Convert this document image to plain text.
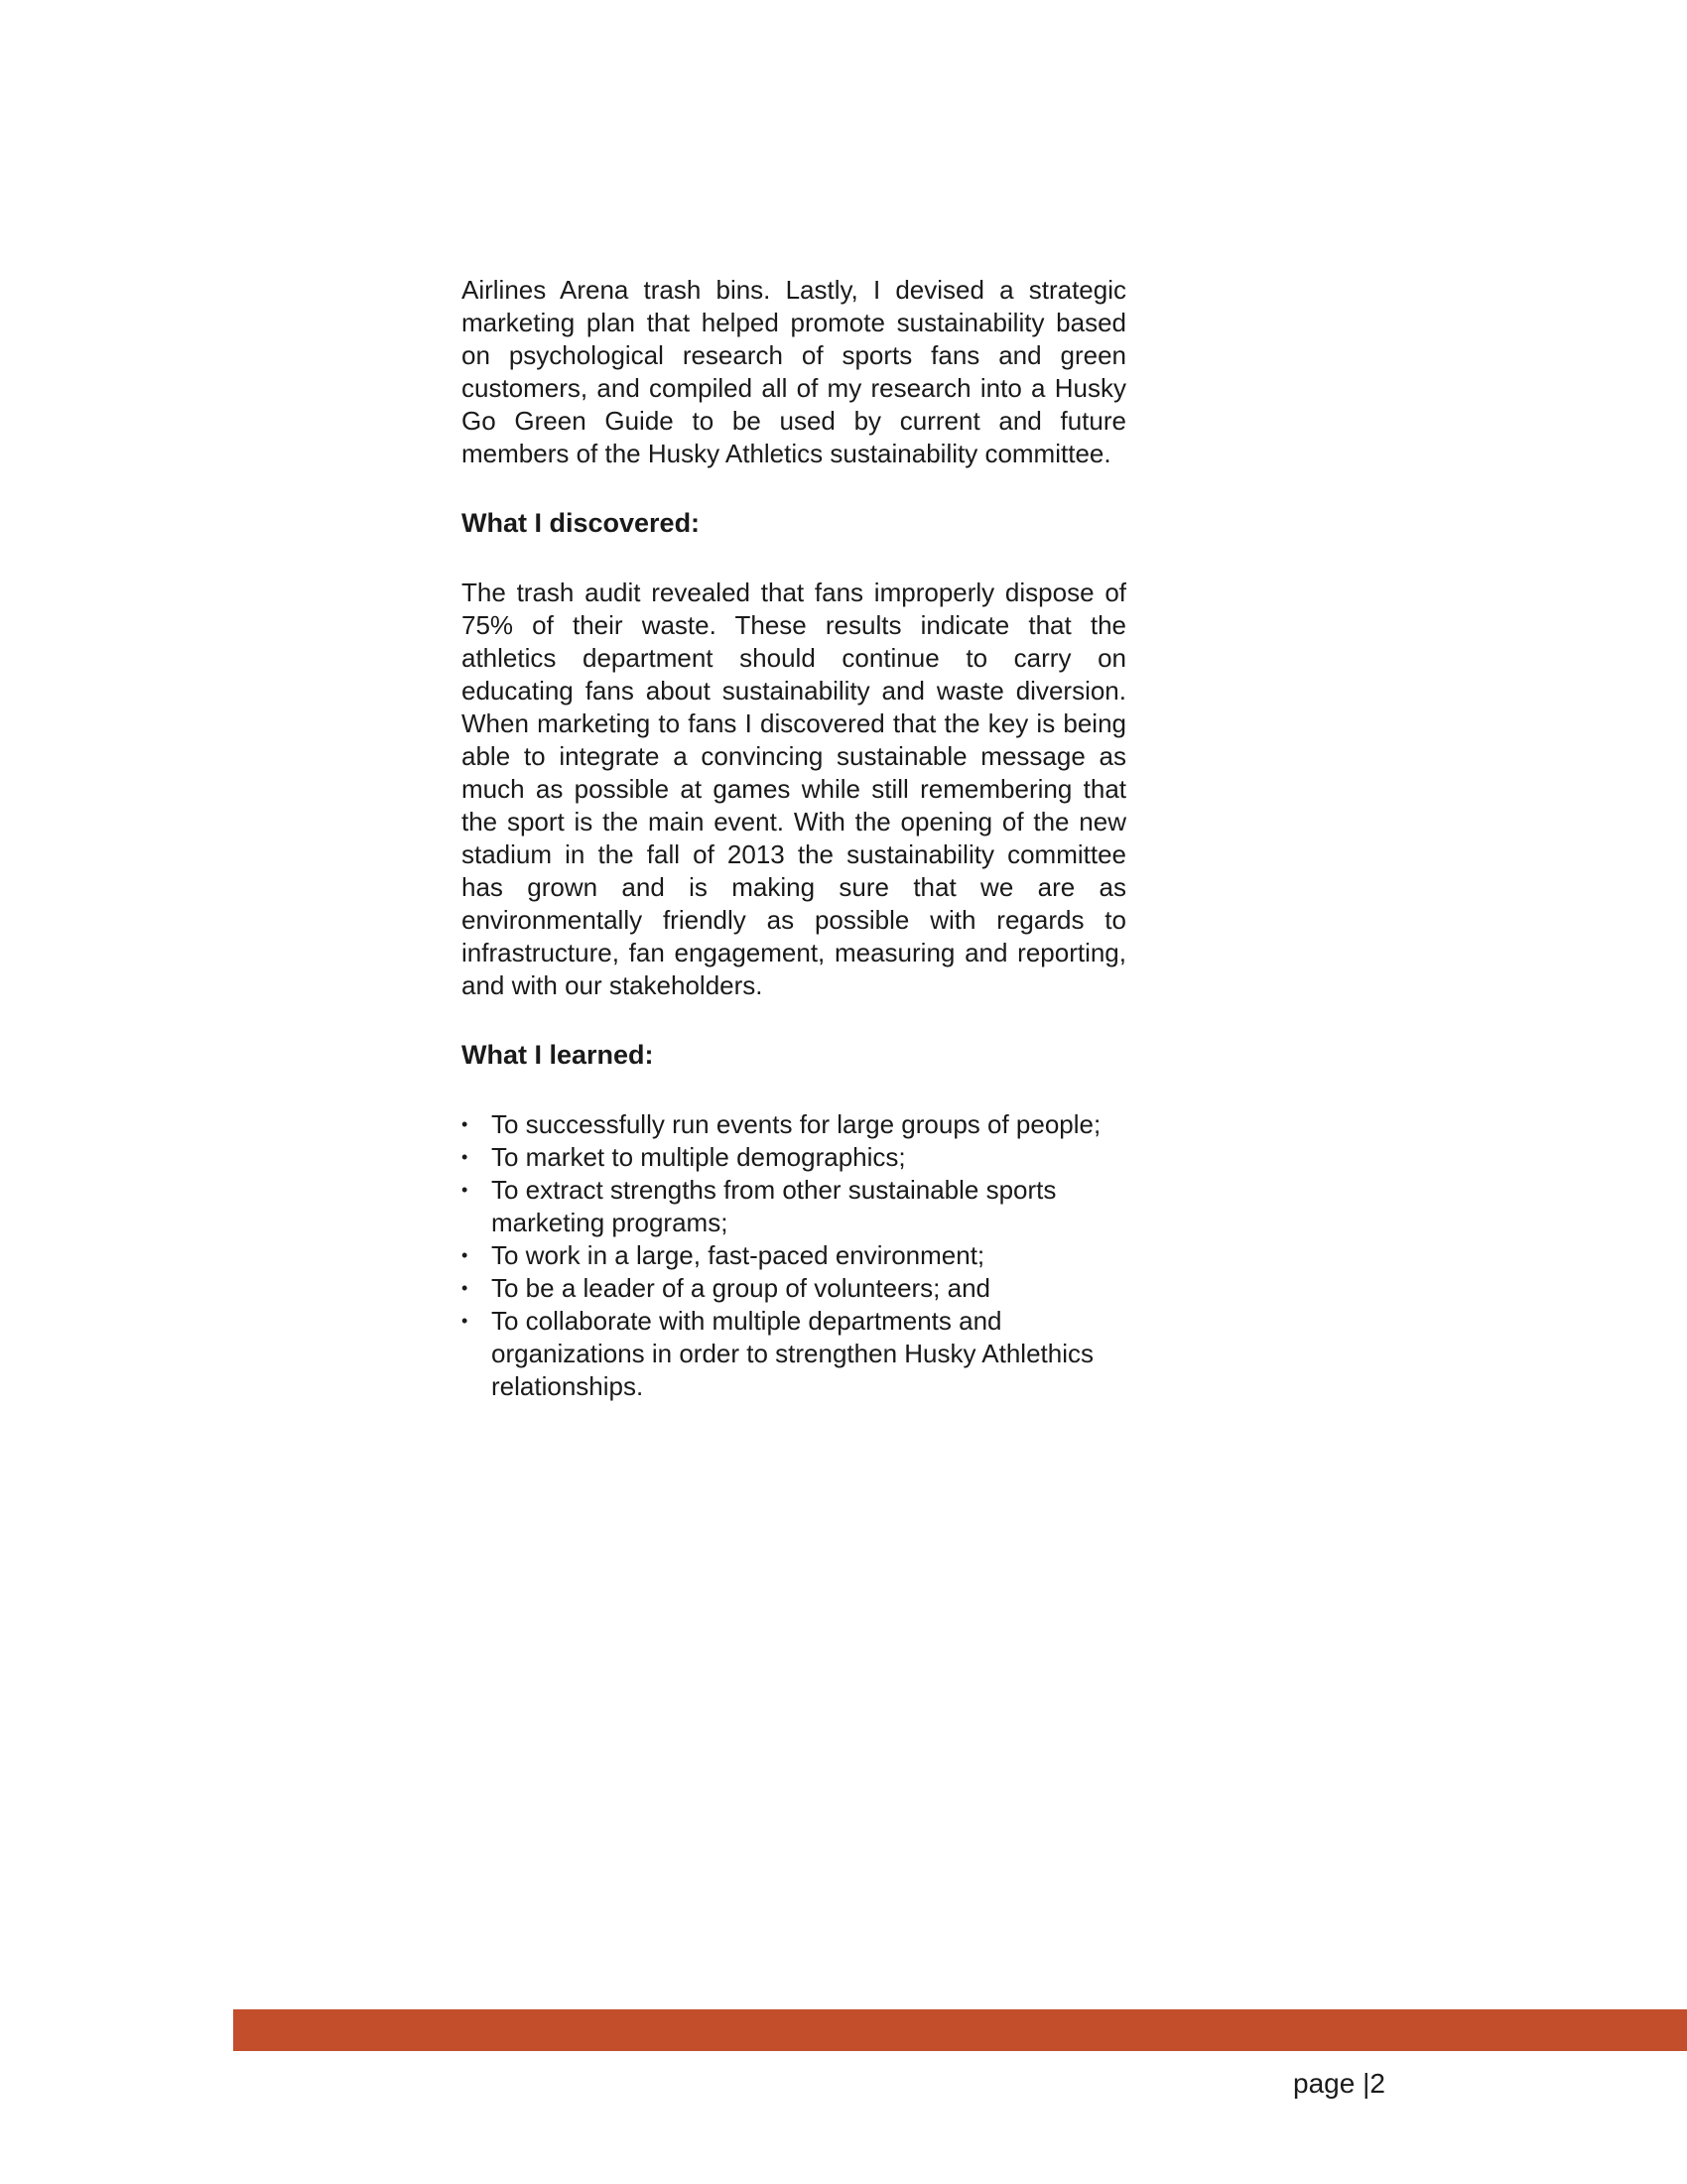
Airlines Arena trash bins. Lastly, I devised a strategic marketing plan that helped promote sustainability based on psychological research of sports fans and green customers, and compiled all of my research into a Husky Go Green Guide to be used by current and future members of the Husky Athletics sustainability committee.

What I discovered:

The trash audit revealed that fans improperly dispose of 75% of their waste. These results indicate that the athletics department should continue to carry on educating fans about sustainability and waste diversion. When marketing to fans I discovered that the key is being able to integrate a convincing sustainable message as much as possible at games while still remembering that the sport is the main event. With the opening of the new stadium in the fall of 2013 the sustainability committee has grown and is making sure that we are as environmentally friendly as possible with regards to infrastructure, fan engagement, measuring and reporting, and with our stakeholders.

What I learned:
• To successfully run events for large groups of people;
• To market to multiple demographics;
• To extract strengths from other sustainable sports marketing programs;
• To work in a large, fast-paced environment;
• To be a leader of a group of volunteers; and
• To collaborate with multiple departments and organizations in order to strengthen Husky Athlethics relationships.
page |2
